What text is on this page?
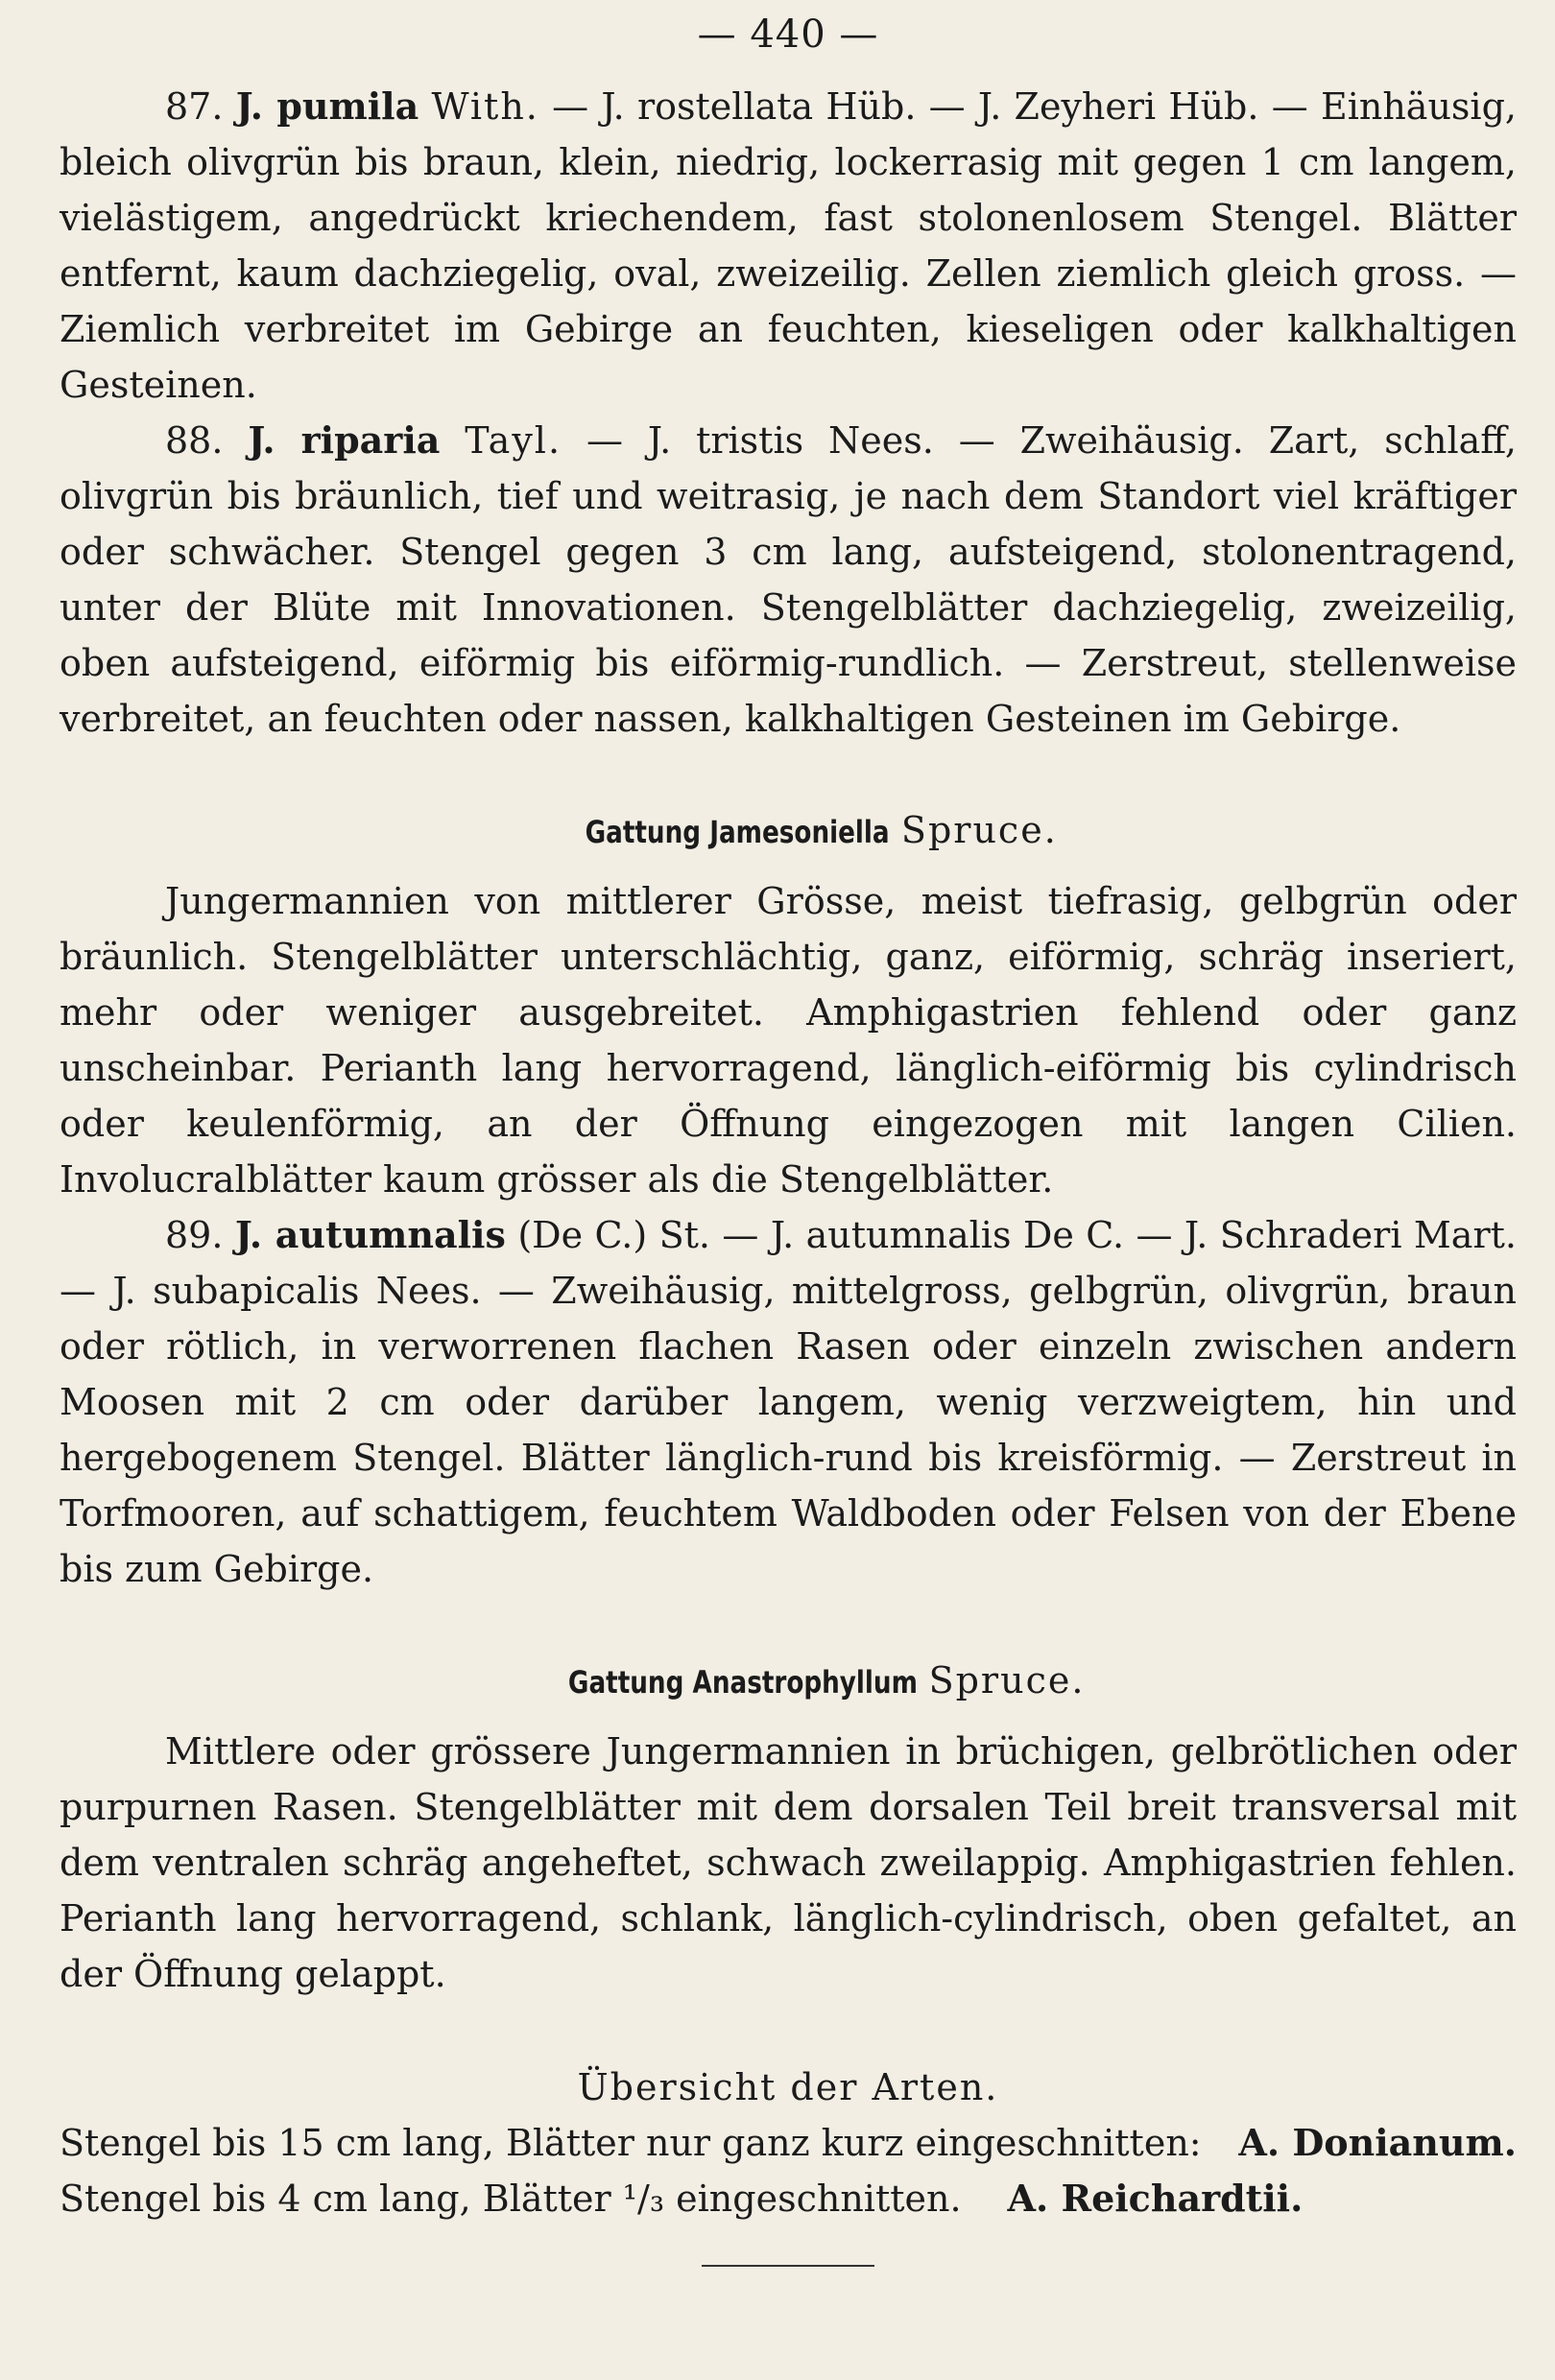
— 440 —

87. J. pumila With. — J. rostellata Hüb. — J. Zeyheri Hüb. — Einhäusig, bleich olivgrün bis braun, klein, niedrig, lockerrasig mit gegen 1 cm langem, vielästigem, angedrückt kriechendem, fast stolonenlosem Stengel. Blätter entfernt, kaum dachziegelig, oval, zweizeilig. Zellen ziemlich gleich gross. — Ziemlich verbreitet im Gebirge an feuchten, kieseligen oder kalkhaltigen Gesteinen.

88. J. riparia Tayl. — J. tristis Nees. — Zweihäusig. Zart, schlaff, olivgrün bis bräunlich, tief und weitrasig, je nach dem Standort viel kräftiger oder schwächer. Stengel gegen 3 cm lang, aufsteigend, stolonentragend, unter der Blüte mit Innovationen. Stengelblätter dachziegelig, zweizeilig, oben aufsteigend, eiförmig bis eiförmig-rundlich. — Zerstreut, stellenweise verbreitet, an feuchten oder nassen, kalkhaltigen Gesteinen im Gebirge.

Gattung Jamesoniella Spruce.

Jungermannien von mittlerer Grösse, meist tiefrasig, gelbgrün oder bräunlich. Stengelblätter unterschlächtig, ganz, eiförmig, schräg inseriert, mehr oder weniger ausgebreitet. Amphigastrien fehlend oder ganz unscheinbar. Perianth lang hervorragend, länglich-eiförmig bis cylindrisch oder keulenförmig, an der Öffnung eingezogen mit langen Cilien. Involucralblätter kaum grösser als die Stengelblätter.

89. J. autumnalis (De C.) St. — J. autumnalis De C. — J. Schraderi Mart. — J. subapicalis Nees. — Zweihäusig, mittelgross, gelbgrün, olivgrün, braun oder rötlich, in verworrenen flachen Rasen oder einzeln zwischen andern Moosen mit 2 cm oder darüber langem, wenig verzweigtem, hin und hergebogenem Stengel. Blätter länglich-rund bis kreisförmig. — Zerstreut in Torfmooren, auf schattigem, feuchtem Waldboden oder Felsen von der Ebene bis zum Gebirge.

Gattung Anastrophyllum Spruce.

Mittlere oder grössere Jungermannien in brüchigen, gelbrötlichen oder purpurnen Rasen. Stengelblätter mit dem dorsalen Teil breit transversal mit dem ventralen schräg angeheftet, schwach zweilappig. Amphigastrien fehlen. Perianth lang hervorragend, schlank, länglich-cylindrisch, oben gefaltet, an der Öffnung gelappt.

Übersicht der Arten.

Stengel bis 15 cm lang, Blätter nur ganz kurz eingeschnitten: A. Donianum.

Stengel bis 4 cm lang, Blätter ¹/₃ eingeschnitten. A. Reichardtii.
